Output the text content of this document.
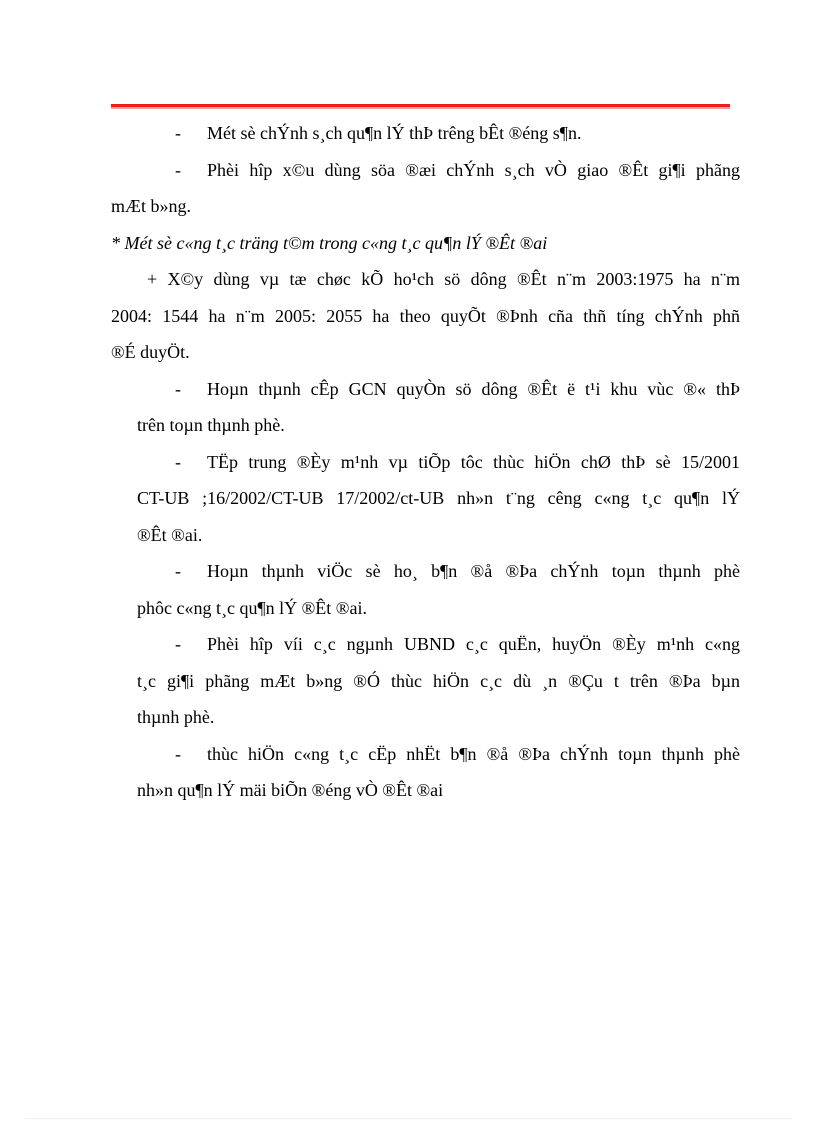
- Mét sè chÝnh s¸ch qu¶n lÝ thÞ trêng bÊt ®éng s¶n.
- Phèi hîp x©u dùng söa ®æi chÝnh s¸ch vÒ giao ®Êt gi¶i phãng
mÆt b»ng.
* Mét sè c«ng t¸c träng t©m trong c«ng t¸c qu¶n lÝ ®Êt ®ai
+ X©y dùng vµ tæ chøc kÕ ho¹ch sö dông ®Êt n¨m 2003:1975 ha n¨m
2004: 1544 ha n¨m 2005: 2055 ha theo quyÕt ®Þnh cña thñ tíng chÝnh phñ
®É duyÖt.
- Hoµn thµnh cÊp GCN quyÒn sö dông ®Êt ë t¹i khu vùc ®« thÞ
trên toµn thµnh phè.
- TËp trung ®Èy m¹nh vµ tiÕp tôc thùc hiÖn chØ thÞ sè 15/2001
CT-UB ;16/2002/CT-UB 17/2002/ct-UB nh»n t¨ng cêng c«ng t¸c qu¶n lÝ
®Êt ®ai.
- Hoµn thµnh viÖc sè ho¸ b¶n ®å ®Þa chÝnh toµn thµnh phè
phôc c«ng t¸c qu¶n lÝ ®Êt ®ai.
- Phèi hîp víi c¸c ngµnh UBND c¸c quËn, huyÖn ®Èy m¹nh c«ng
t¸c gi¶i phãng mÆt b»ng ®Ó thùc hiÖn c¸c dù ¸n ®Çu t trên ®Þa bµn
thµnh phè.
- thùc hiÖn c«ng t¸c cËp nhËt b¶n ®å ®Þa chÝnh toµn thµnh phè
nh»n qu¶n lÝ mäi biÕn ®éng vÒ ®Êt ®ai
